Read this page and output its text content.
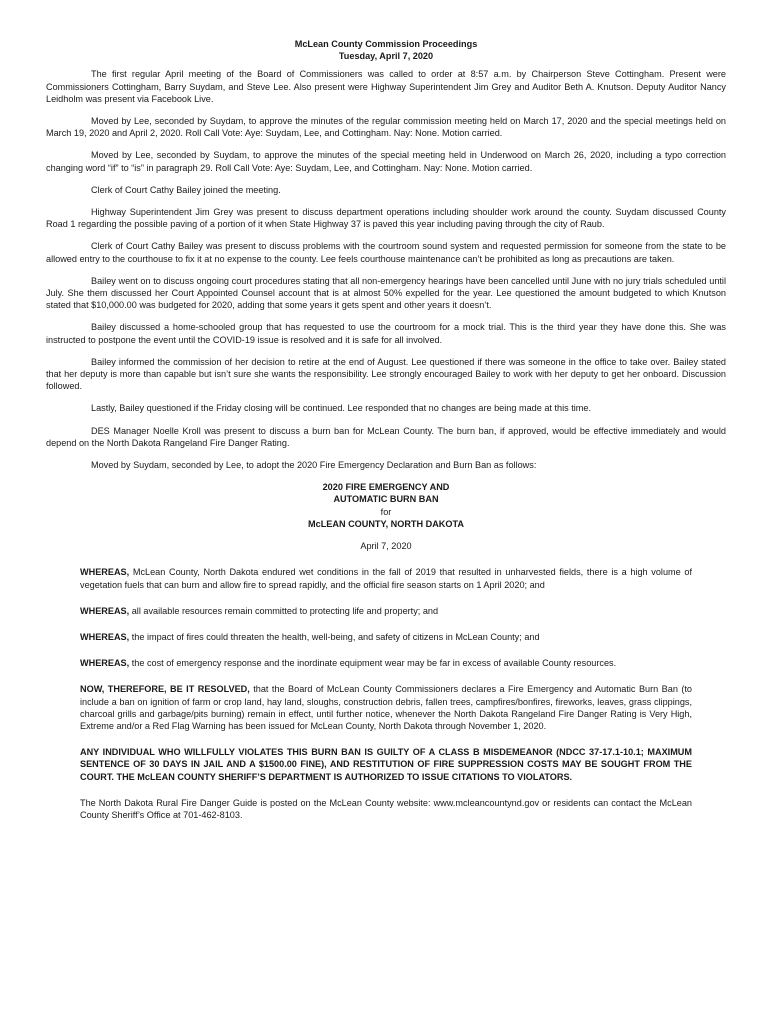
McLean County Commission Proceedings

Tuesday, April 7, 2020

The first regular April meeting of the Board of Commissioners was called to order at 8:57 a.m. by Chairperson Steve Cottingham. Present were Commissioners Cottingham, Barry Suydam, and Steve Lee. Also present were Highway Superintendent Jim Grey and Auditor Beth A. Knutson. Deputy Auditor Nancy Leidholm was present via Facebook Live.

Moved by Lee, seconded by Suydam, to approve the minutes of the regular commission meeting held on March 17, 2020 and the special meetings held on March 19, 2020 and April 2, 2020. Roll Call Vote: Aye: Suydam, Lee, and Cottingham. Nay: None. Motion carried.

Moved by Lee, seconded by Suydam, to approve the minutes of the special meeting held in Underwood on March 26, 2020, including a typo correction changing word “if” to “is” in paragraph 29. Roll Call Vote: Aye: Suydam, Lee, and Cottingham. Nay: None. Motion carried.

Clerk of Court Cathy Bailey joined the meeting.

Highway Superintendent Jim Grey was present to discuss department operations including shoulder work around the county. Suydam discussed County Road 1 regarding the possible paving of a portion of it when State Highway 37 is paved this year including paving through the city of Raub.

Clerk of Court Cathy Bailey was present to discuss problems with the courtroom sound system and requested permission for someone from the state to be allowed entry to the courthouse to fix it at no expense to the county. Lee feels courthouse maintenance can’t be prohibited as long as precautions are taken.

Bailey went on to discuss ongoing court procedures stating that all non-emergency hearings have been cancelled until June with no jury trials scheduled until July. She them discussed her Court Appointed Counsel account that is at almost 50% expelled for the year. Lee questioned the amount budgeted to which Knutson stated that $10,000.00 was budgeted for 2020, adding that some years it gets spent and other years it doesn’t.

Bailey discussed a home-schooled group that has requested to use the courtroom for a mock trial. This is the third year they have done this. She was instructed to postpone the event until the COVID-19 issue is resolved and it is safe for all involved.

Bailey informed the commission of her decision to retire at the end of August. Lee questioned if there was someone in the office to take over. Bailey stated that her deputy is more than capable but isn’t sure she wants the responsibility. Lee strongly encouraged Bailey to work with her deputy to get her onboard. Discussion followed.

Lastly, Bailey questioned if the Friday closing will be continued. Lee responded that no changes are being made at this time.

DES Manager Noelle Kroll was present to discuss a burn ban for McLean County. The burn ban, if approved, would be effective immediately and would depend on the North Dakota Rangeland Fire Danger Rating.

Moved by Suydam, seconded by Lee, to adopt the 2020 Fire Emergency Declaration and Burn Ban as follows:

2020 FIRE EMERGENCY AND

AUTOMATIC BURN BAN

for

McLEAN COUNTY, NORTH DAKOTA

April 7, 2020

WHEREAS, McLean County, North Dakota endured wet conditions in the fall of 2019 that resulted in unharvested fields, there is a high volume of vegetation fuels that can burn and allow fire to spread rapidly, and the official fire season starts on 1 April 2020; and

WHEREAS, all available resources remain committed to protecting life and property; and

WHEREAS, the impact of fires could threaten the health, well-being, and safety of citizens in McLean County; and

WHEREAS, the cost of emergency response and the inordinate equipment wear may be far in excess of available County resources.

NOW, THEREFORE, BE IT RESOLVED, that the Board of McLean County Commissioners declares a Fire Emergency and Automatic Burn Ban (to include a ban on ignition of farm or crop land, hay land, sloughs, construction debris, fallen trees, campfires/bonfires, fireworks, leaves, grass clippings, charcoal grills and garbage/pits burning) remain in effect, until further notice, whenever the North Dakota Rangeland Fire Danger Rating is Very High, Extreme and/or a Red Flag Warning has been issued for McLean County, North Dakota through November 1, 2020.

ANY INDIVIDUAL WHO WILLFULLY VIOLATES THIS BURN BAN IS GUILTY OF A CLASS B MISDEMEANOR (NDCC 37-17.1-10.1; MAXIMUM SENTENCE OF 30 DAYS IN JAIL AND A $1500.00 FINE), AND RESTITUTION OF FIRE SUPPRESSION COSTS MAY BE SOUGHT FROM THE COURT. THE McLEAN COUNTY SHERIFF’S DEPARTMENT IS AUTHORIZED TO ISSUE CITATIONS TO VIOLATORS.

The North Dakota Rural Fire Danger Guide is posted on the McLean County website: www.mcleancountynd.gov or residents can contact the McLean County Sheriff’s Office at 701-462-8103.
